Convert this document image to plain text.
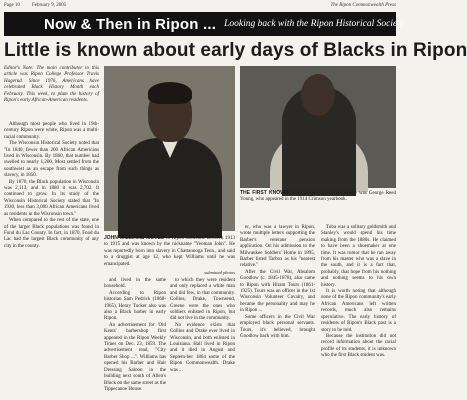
Page 10 February 9, 2005	The Ripon Commonwealth Press
Now & Then in Ripon ... Looking back with the Ripon Historical Society
Little is known about early days of Blacks in Ripon
Editor's Note: The main contributor to this article was Ripon College Professor Travis Hagerud. Since 1976, Americans have celebrated Black History Month each February. This week, to plum the history of Ripon's early African-American residents.

Although most people who lived in 19th-century Ripon were white, Ripon was a multi-racial community.

The Wisconsin Historical Society noted that "In 1840, fewer than 200 African Americans lived in Wisconsin. By 1860, that number had swelled to nearly 1,200, Most settled from the southwest as an escape from such things as slavery, in 1850.

By 1870, the Black population in Wisconsin was 2,113, and in 1880 it was 2,702. It continued to grow. In its study of the Wisconsin Historical Society stated that "In 1930, less than 3,000 African Americans lived as residents in the Wisconsin town."

When compared to the rest of the state, one of the larger Black populations was found in Fond du Lac County. In fact, in 1870, Fond du Lac had the largest Black community of any city in the county.

JOHN WILLIAMS MOVED to Ripon sometime between 1913 to 1915 and was known by the nickname "Yeoman John". He was reportedly born into slavery in Chattanooga Tenn., and said to a druggist at age 12, who kept Williams until he was emancipated.
submitted photos
THE FIRST KNOWN Black student at Ripon College was George Reed Young, who appeared in the 1914 Crimson yearbook.

and lived in the same household.

According to Ripon historian Sam Pedrick (1868-1965), Henry Tucker also was also a Black barber in early Ripon.

An advertisement for 'Old Kents' barbershop first appeared in the Ripon Weekly Times on Dec. 23, 1859. The advertisement read, "City Barber Shop ...". Williams has opened his Barber and Hair Dressing Saloon in the building next south of Allen's Block on the same street as the Tippecanoe House.

to which they were resident and only replaced a white man and did few, in that community. Collins, Drake, Townsend, Greene were the ones who soldiers enlisted in Ripon, but did not live in the community.

No evidence exists that Collins and Drake ever lived in Wisconsin, and both enlisted in Louisiana. Hall lived in Ripon and it died in August and Septem-ber 1864 some of the Ripon Commonwealth. Drake was ...

er, who was a lawyer in Ripon, wrote multiple letters supporting the Barber's veterans pension application. On his admission to the Milwaukee Soldiers' Home in 1895, Barber listed Tarbox as his "nearest relative."

After the Civil War, Absalom Goodlow (c. 1845-1878), also came to Ripon with Hiram Tours (1861-1925). Tours was an officer in the 1st Wisconsin Volunteer Cavalry, and became the personality and may he in Ripon ...

Some officers in the Civil War employed black personal servants. Tours, it's believed, brought Goodlow back with him.

Tuba was a solitary goldsmith and Stanley's would spend his time making from the 1880s. He claimed to have been a shoemaker at one time. It was rumor that he ran away from his master who was a slave in the south, and it is a fact that, probably, that hope from his nothing and nothing seems to his own history.

It is worth noting that although none of the Ripon community's early African Americans left written records, much also remains speculative. The early history of residents of Ripon's Black past is a story to be told.

Because the institution did not record information about the racial profile of its students, it is unknown who the first Black student was.
